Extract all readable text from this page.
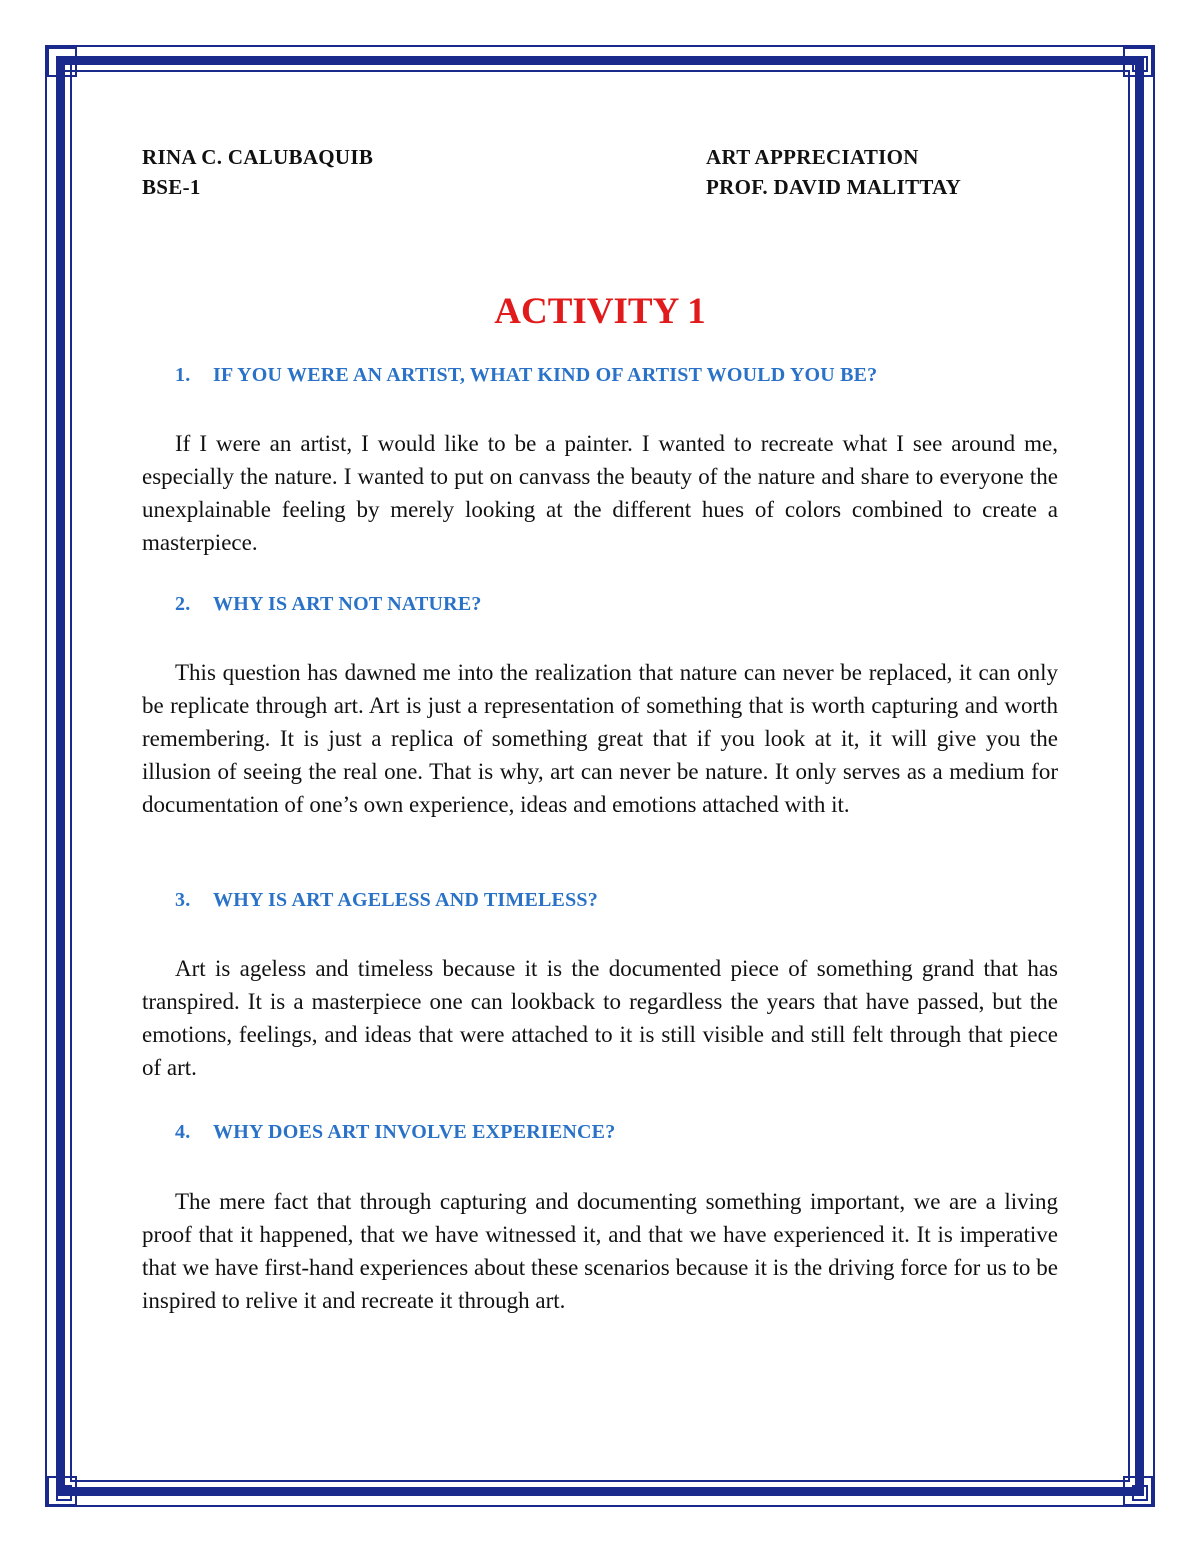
RINA C. CALUBAQUIB
BSE-1
ART APPRECIATION
PROF. DAVID MALITTAY
ACTIVITY 1
1. IF YOU WERE AN ARTIST, WHAT KIND OF ARTIST WOULD YOU BE?

If I were an artist, I would like to be a painter. I wanted to recreate what I see around me, especially the nature. I wanted to put on canvass the beauty of the nature and share to everyone the unexplainable feeling by merely looking at the different hues of colors combined to create a masterpiece.

2. WHY IS ART NOT NATURE?

This question has dawned me into the realization that nature can never be replaced, it can only be replicate through art. Art is just a representation of something that is worth capturing and worth remembering. It is just a replica of something great that if you look at it, it will give you the illusion of seeing the real one. That is why, art can never be nature. It only serves as a medium for documentation of one’s own experience, ideas and emotions attached with it.

3. WHY IS ART AGELESS AND TIMELESS?

Art is ageless and timeless because it is the documented piece of something grand that has transpired. It is a masterpiece one can lookback to regardless the years that have passed, but the emotions, feelings, and ideas that were attached to it is still visible and still felt through that piece of art.

4. WHY DOES ART INVOLVE EXPERIENCE?

The mere fact that through capturing and documenting something important, we are a living proof that it happened, that we have witnessed it, and that we have experienced it. It is imperative that we have first-hand experiences about these scenarios because it is the driving force for us to be inspired to relive it and recreate it through art.
